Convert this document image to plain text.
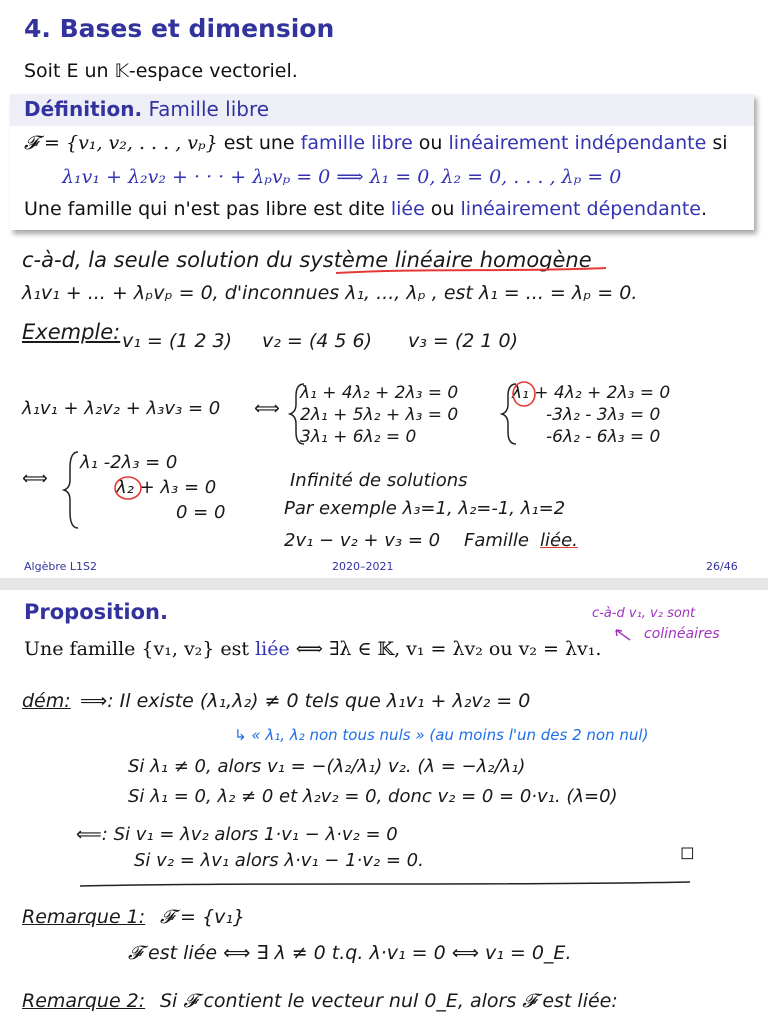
4. Bases et dimension
Soit E un 𝕂-espace vectoriel.
Définition. Famille libre
𝓕 = {v₁, v₂, . . . , vₚ} est une famille libre ou linéairement indépendante si
λ₁v₁ + λ₂v₂ + · · · + λₚvₚ = 0 ⟹ λ₁ = 0, λ₂ = 0, . . . , λₚ = 0
Une famille qui n'est pas libre est dite liée ou linéairement dépendante.
c-à-d, la seule solution du système linéaire homogène
λ₁v₁ + ... + λₚvₚ = 0, d'inconnues λ₁, ..., λₚ , est λ₁ = ... = λₚ = 0.
Exemple: v₁ = (1 2 3) v₂ = (4 5 6) v₃ = (2 1 0)
λ₁v₁ + λ₂v₂ + λ₃v₃ = 0 ⟺
λ₁ + 4λ₂ + 2λ₃ = 0
2λ₁ + 5λ₂ + λ₃ = 0
3λ₁ + 6λ₂ = 0
λ₁ + 4λ₂ + 2λ₃ = 0
-3λ₂ - 3λ₃ = 0
-6λ₂ - 6λ₃ = 0
⟺
λ₁ -2λ₃ = 0
λ₂ + λ₃ = 0
0 = 0
Infinité de solutions
Par exemple λ₃=1, λ₂=-1, λ₁=2
2v₁ − v₂ + v₃ = 0 Famille liée.
Algèbre L1S2	2020–2021	26/46
Proposition.
Une famille {v₁, v₂} est liée ⟺ ∃λ ∈ 𝕂, v₁ = λv₂ ou v₂ = λv₁.
c-à-d v₁, v₂ sont
colinéaires
dém: ⟹: Il existe (λ₁,λ₂) ≠ 0 tels que λ₁v₁ + λ₂v₂ = 0
↳ « λ₁, λ₂ non tous nuls » (au moins l'un des 2 non nul)
Si λ₁ ≠ 0, alors v₁ = −(λ₂/λ₁) v₂. (λ = −λ₂/λ₁)
Si λ₁ = 0, λ₂ ≠ 0 et λ₂v₂ = 0, donc v₂ = 0 = 0·v₁. (λ=0)
⟸: Si v₁ = λv₂ alors 1·v₁ − λ·v₂ = 0
Si v₂ = λv₁ alors λ·v₁ − 1·v₂ = 0.	◻
Remarque 1: 𝓕 = {v₁}
𝓕 est liée ⟺ ∃ λ ≠ 0 t.q. λ·v₁ = 0 ⟺ v₁ = 0_E.
Remarque 2: Si 𝓕 contient le vecteur nul 0_E, alors 𝓕 est liée:
